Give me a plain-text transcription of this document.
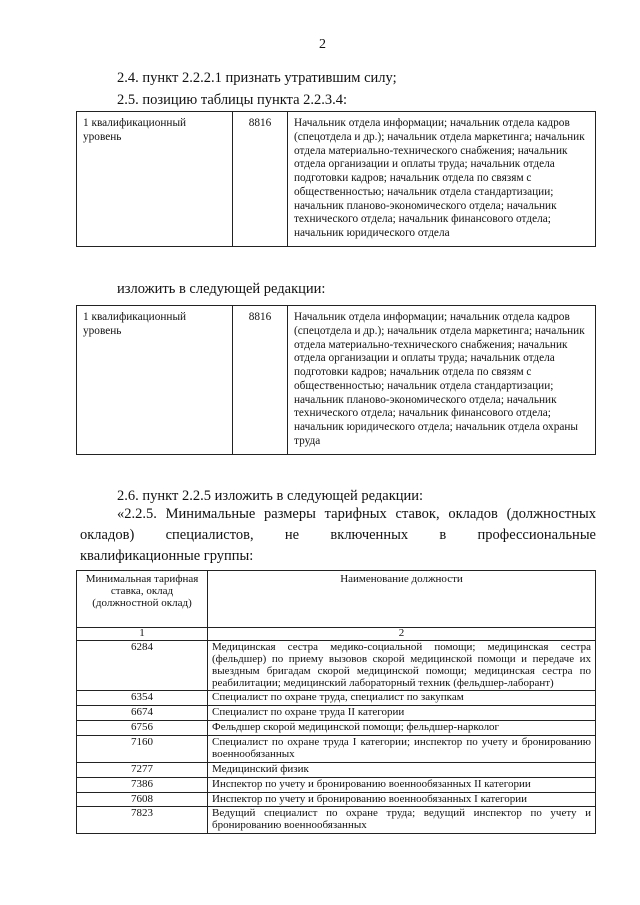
2
2.4. пункт 2.2.2.1 признать утратившим силу;
2.5. позицию таблицы пункта 2.2.3.4:
1 квалификационный уровень	8816	Начальник отдела информации; начальник отдела кадров (спецотдела и др.); начальник отдела маркетинга; начальник отдела материально-технического снабжения; начальник отдела организации и оплаты труда; начальник отдела подготовки кадров; начальник отдела по связям с общественностью; начальник отдела стандартизации; начальник планово-экономического отдела; начальник технического отдела; начальник финансового отдела; начальник юридического отдела
изложить в следующей редакции:
1 квалификационный уровень	8816	Начальник отдела информации; начальник отдела кадров (спецотдела и др.); начальник отдела маркетинга; начальник отдела материально-технического снабжения; начальник отдела организации и оплаты труда; начальник отдела подготовки кадров; начальник отдела по связям с общественностью; начальник отдела стандартизации; начальник планово-экономического отдела; начальник технического отдела; начальник финансового отдела; начальник юридического отдела; начальник отдела охраны труда
2.6. пункт 2.2.5 изложить в следующей редакции:
«2.2.5. Минимальные размеры тарифных ставок, окладов (должностных
окладов) специалистов, не включенных в профессиональные
квалификационные группы:
Минимальная тарифная ставка, оклад (должностной оклад)	Наименование должности
1	2
6284	Медицинская сестра медико-социальной помощи; медицинская сестра (фельдшер) по приему вызовов скорой медицинской помощи и передаче их выездным бригадам скорой медицинской помощи; медицинская сестра по реабилитации; медицинский лабораторный техник (фельдшер-лаборант)
6354	Специалист по охране труда, специалист по закупкам
6674	Специалист по охране труда II категории
6756	Фельдшер скорой медицинской помощи; фельдшер-нарколог
7160	Специалист по охране труда I категории; инспектор по учету и бронированию военнообязанных
7277	Медицинский физик
7386	Инспектор по учету и бронированию военнообязанных II категории
7608	Инспектор по учету и бронированию военнообязанных I категории
7823	Ведущий специалист по охране труда; ведущий инспектор по учету и бронированию военнообязанных
